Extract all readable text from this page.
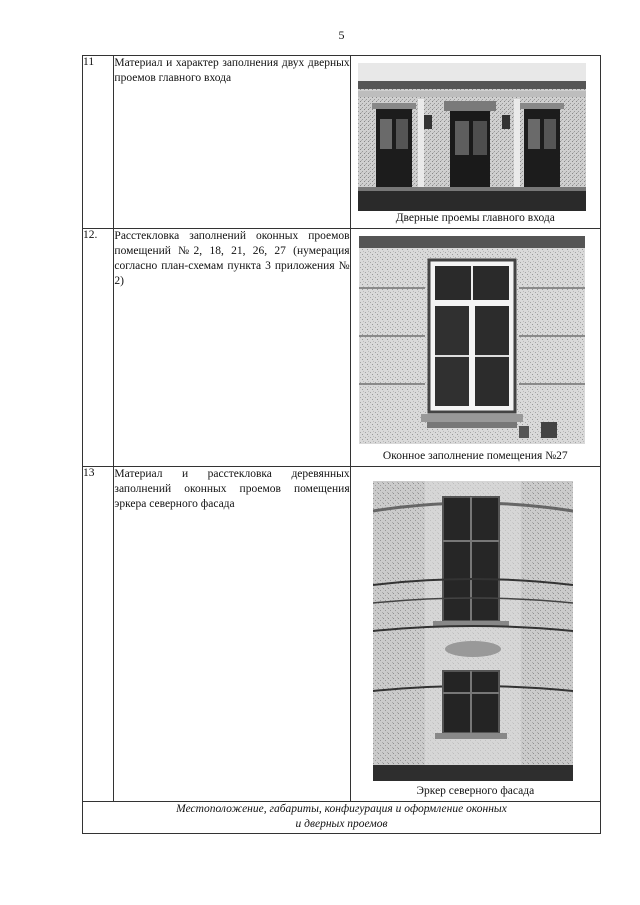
5
11	Материал и характер заполнения двух дверных проемов главного входа	Дверные проемы главного входа

12.	Расстекловка заполнений оконных проемов помещений №2, 18, 21, 26, 27 (нумерация согласно план-схемам пункта 3 приложения № 2)	Оконное заполнение помещения №27

13	Материал и расстекловка деревянных заполнений оконных проемов помещения эркера северного фасада	Эркер северного фасада

Местоположение, габариты, конфигурация и оформление оконных
и дверных проемов		
